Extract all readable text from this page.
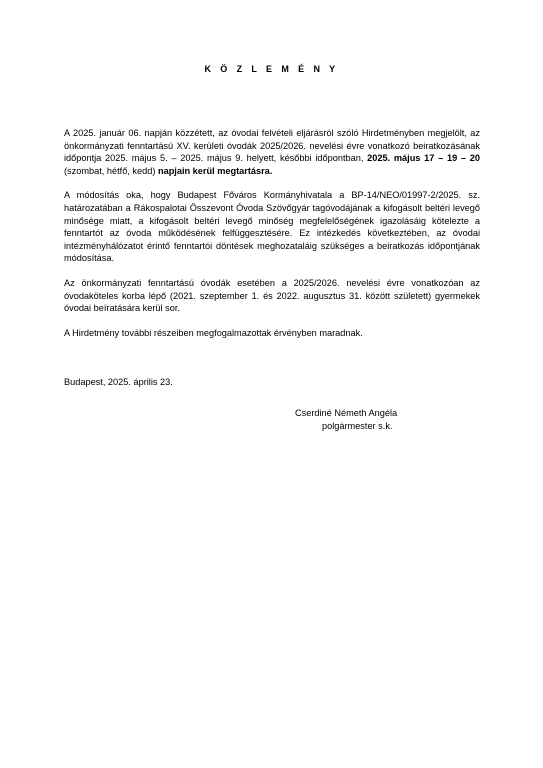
K Ö Z L E M É N Y

A 2025. január 06. napján közzétett, az óvodai felvételi eljárásról szóló Hirdetményben megjelölt, az önkormányzati fenntartású XV. kerületi óvodák 2025/2026. nevelési évre vonatkozó beiratkozásának időpontja 2025. május 5. – 2025. május 9. helyett, későbbi időpontban, 2025. május 17 – 19 – 20 (szombat, hétfő, kedd) napjain kerül megtartásra.

A módosítás oka, hogy Budapest Főváros Kormányhivatala a BP-14/NEO/01997-2/2025. sz. határozatában a Rákospalotai Összevont Óvoda Szövőgyár tagóvodájának a kifogásolt beltéri levegő minősége miatt, a kifogásolt beltéri levegő minőség megfelelőségének igazolásáig kötelezte a fenntartót az óvoda működésének felfüggesztésére. Ez intézkedés következtében, az óvodai intézményhálózatot érintő fenntartói döntések meghozataláig szükséges a beiratkozás időpontjának módosítása.

Az önkormányzati fenntartású óvodák esetében a 2025/2026. nevelési évre vonatkozóan az óvodaköteles korba lépő (2021. szeptember 1. és 2022. augusztus 31. között született) gyermekek óvodai beíratására kerül sor.

A Hirdetmény további részeiben megfogalmazottak érvényben maradnak.

Budapest, 2025. április 23.
Cserdiné Németh Angéla
polgármester s.k.
